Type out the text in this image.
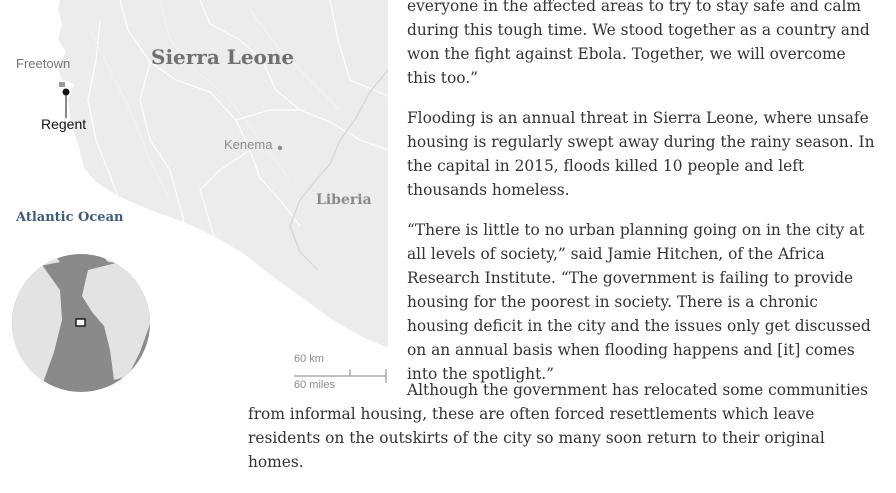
Freetown
Regent
Sierra Leone
Kenema
Liberia
Atlantic Ocean
60 km
60 miles

everyone in the affected areas to try to stay safe and calm during this tough time. We stood together as a country and won the fight against Ebola. Together, we will overcome this too.”

Flooding is an annual threat in Sierra Leone, where unsafe housing is regularly swept away during the rainy season. In the capital in 2015, floods killed 10 people and left thousands homeless.

“There is little to no urban planning going on in the city at all levels of society,” said Jamie Hitchen, of the Africa Research Institute. “The government is failing to provide housing for the poorest in society. There is a chronic housing deficit in the city and the issues only get discussed on an annual basis when flooding happens and [it] comes into the spotlight.”

Although the government has relocated some communities from informal housing, these are often forced resettlements which leave residents on the outskirts of the city so many soon return to their original homes.
